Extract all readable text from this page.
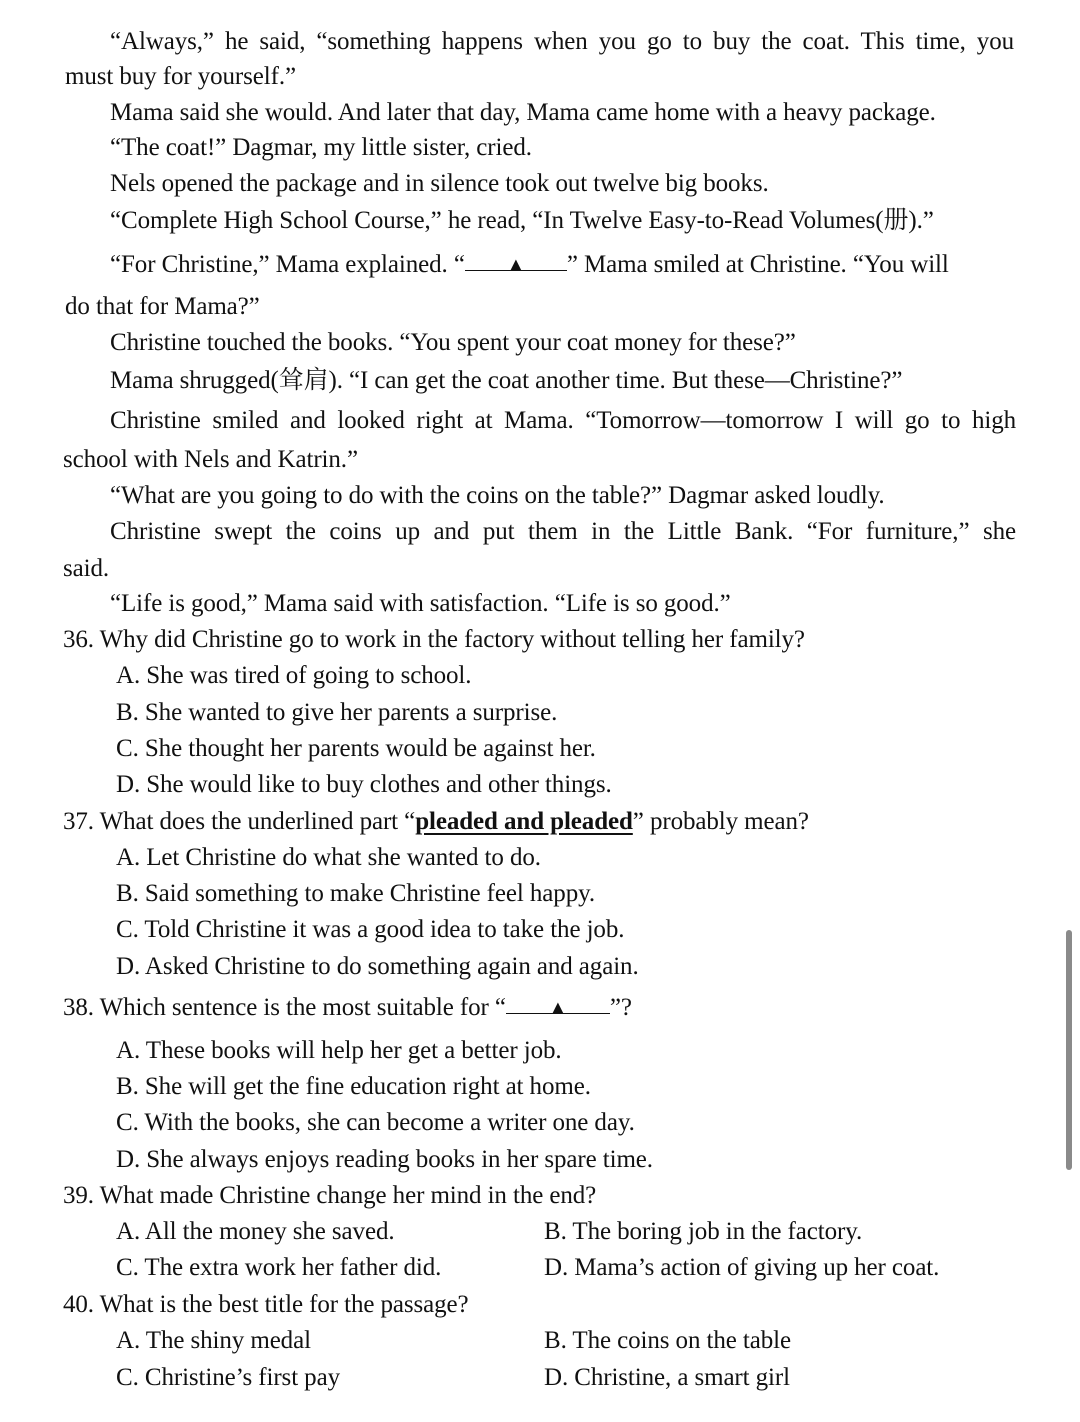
“Always,” he said, “something happens when you go to buy the coat. This time, you
must buy for yourself.”
Mama said she would. And later that day, Mama came home with a heavy package.
“The coat!” Dagmar, my little sister, cried.
Nels opened the package and in silence took out twelve big books.
“Complete High School Course,” he read, “In Twelve Easy-to-Read Volumes(册).”
“For Christine,” Mama explained. “ ▲ ” Mama smiled at Christine. “You will
do that for Mama?”
Christine touched the books. “You spent your coat money for these?”
Mama shrugged(耸肩). “I can get the coat another time. But these—Christine?”
Christine smiled and looked right at Mama. “Tomorrow—tomorrow I will go to high
school with Nels and Katrin.”
“What are you going to do with the coins on the table?” Dagmar asked loudly.
Christine swept the coins up and put them in the Little Bank. “For furniture,” she
said.
“Life is good,” Mama said with satisfaction. “Life is so good.”
36. Why did Christine go to work in the factory without telling her family?
A. She was tired of going to school.
B. She wanted to give her parents a surprise.
C. She thought her parents would be against her.
D. She would like to buy clothes and other things.
37. What does the underlined part “pleaded and pleaded” probably mean?
A. Let Christine do what she wanted to do.
B. Said something to make Christine feel happy.
C. Told Christine it was a good idea to take the job.
D. Asked Christine to do something again and again.
38. Which sentence is the most suitable for “ ▲ ”?
A. These books will help her get a better job.
B. She will get the fine education right at home.
C. With the books, she can become a writer one day.
D. She always enjoys reading books in her spare time.
39. What made Christine change her mind in the end?
A. All the money she saved.	B. The boring job in the factory.
C. The extra work her father did.	D. Mama’s action of giving up her coat.
40. What is the best title for the passage?
A. The shiny medal	B. The coins on the table
C. Christine’s first pay	D. Christine, a smart girl
